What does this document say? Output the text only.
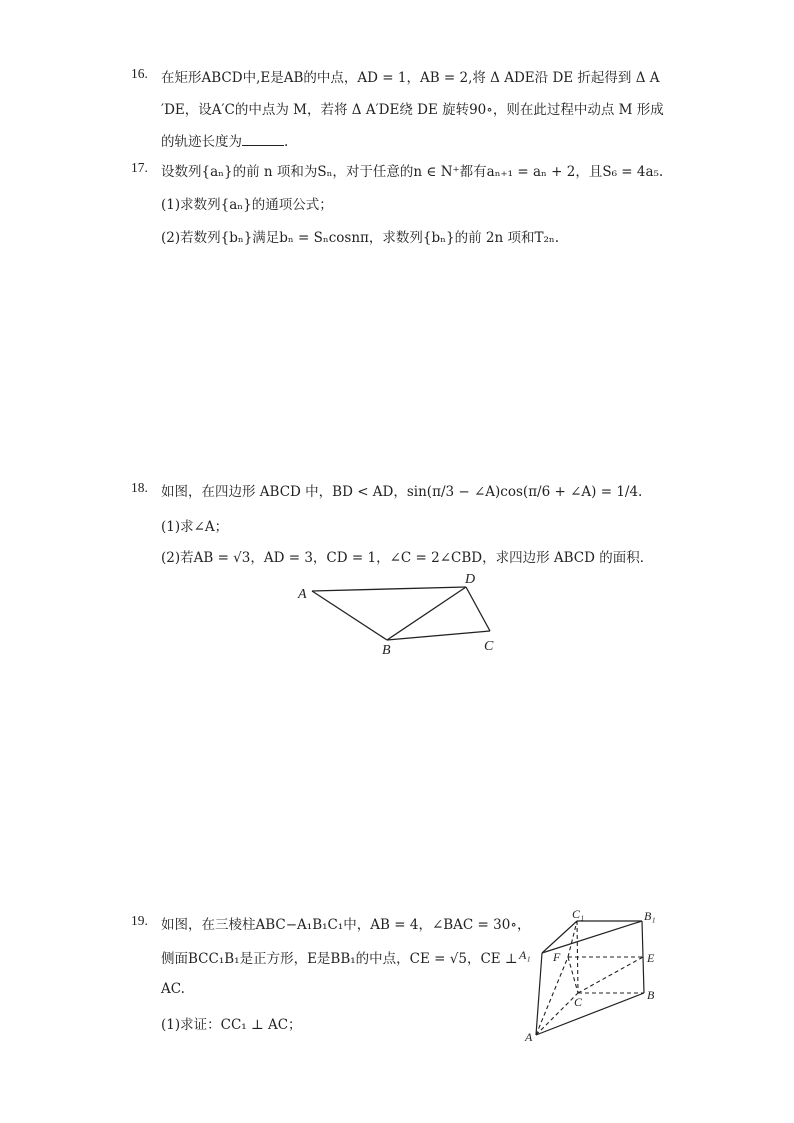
16. 在矩形ABCD中,E是AB的中点，AD = 1，AB = 2,将 Δ ADE沿 DE 折起得到 Δ A
′DE，设A′C的中点为 M，若将 Δ A′DE绕 DE 旋转90∘，则在此过程中动点 M 形成
的轨迹长度为	.
17. 设数列{aₙ}的前 n 项和为Sₙ，对于任意的n ∈ N⁺都有aₙ₊₁ = aₙ + 2，且S₆ = 4a₅.
(1)求数列{aₙ}的通项公式；
(2)若数列{bₙ}满足bₙ = Sₙcosnπ，求数列{bₙ}的前 2n 项和T₂ₙ.
18. 如图，在四边形 ABCD 中，BD < AD，sin(π/3 − ∠A)cos(π/6 + ∠A) = 1/4.
(1)求∠A；
(2)若AB = √3，AD = 3，CD = 1，∠C = 2∠CBD，求四边形 ABCD 的面积．
A
B	C
D
19. 如图，在三棱柱ABC−A₁B₁C₁中，AB = 4，∠BAC = 30∘，
侧面BCC₁B₁是正方形，E是BB₁的中点，CE = √5，CE ⊥
AC.
(1)求证：CC₁ ⊥ AC；
C₁	B₁
A₁ F	E
C	B
A
